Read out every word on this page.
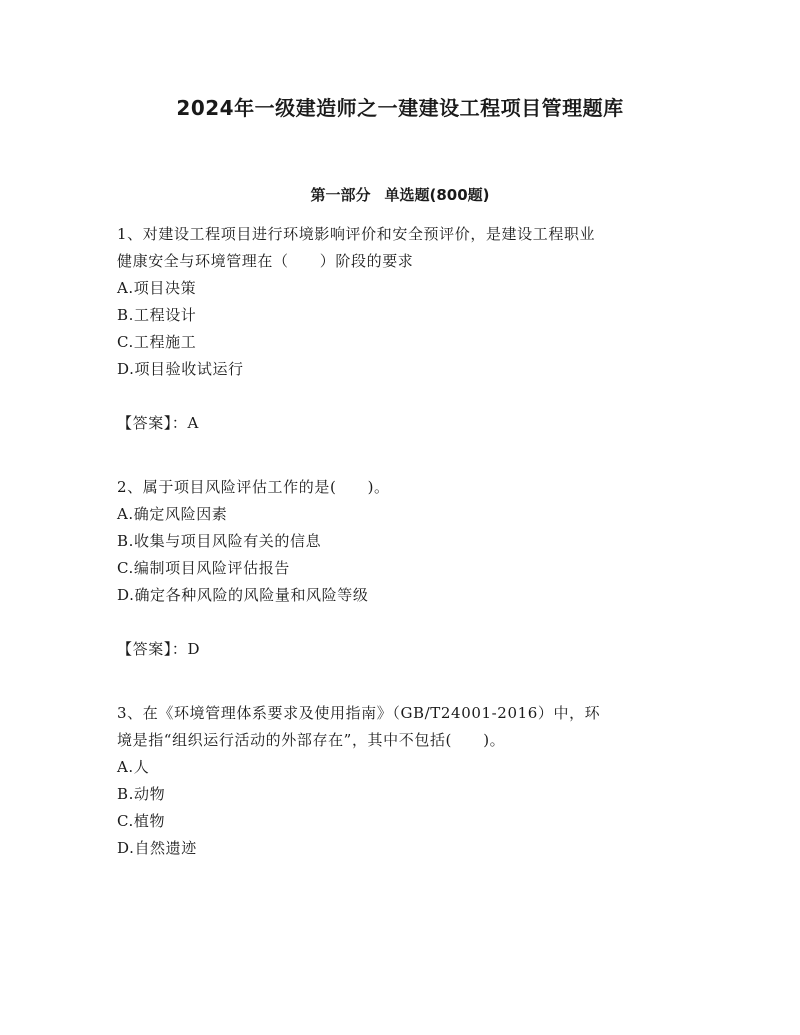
2024年一级建造师之一建建设工程项目管理题库
第一部分 单选题(800题)

1、对建设工程项目进行环境影响评价和安全预评价，是建设工程职业

健康安全与环境管理在（　　）阶段的要求

A.项目决策

B.工程设计

C.工程施工

D.项目验收试运行

【答案】：A

2、属于项目风险评估工作的是(　　)。

A.确定风险因素

B.收集与项目风险有关的信息

C.编制项目风险评估报告

D.确定各种风险的风险量和风险等级

【答案】：D

3、在《环境管理体系要求及使用指南》（GB/T24001-2016）中，环

境是指“组织运行活动的外部存在”，其中不包括(　　)。

A.人

B.动物

C.植物

D.自然遗迹
